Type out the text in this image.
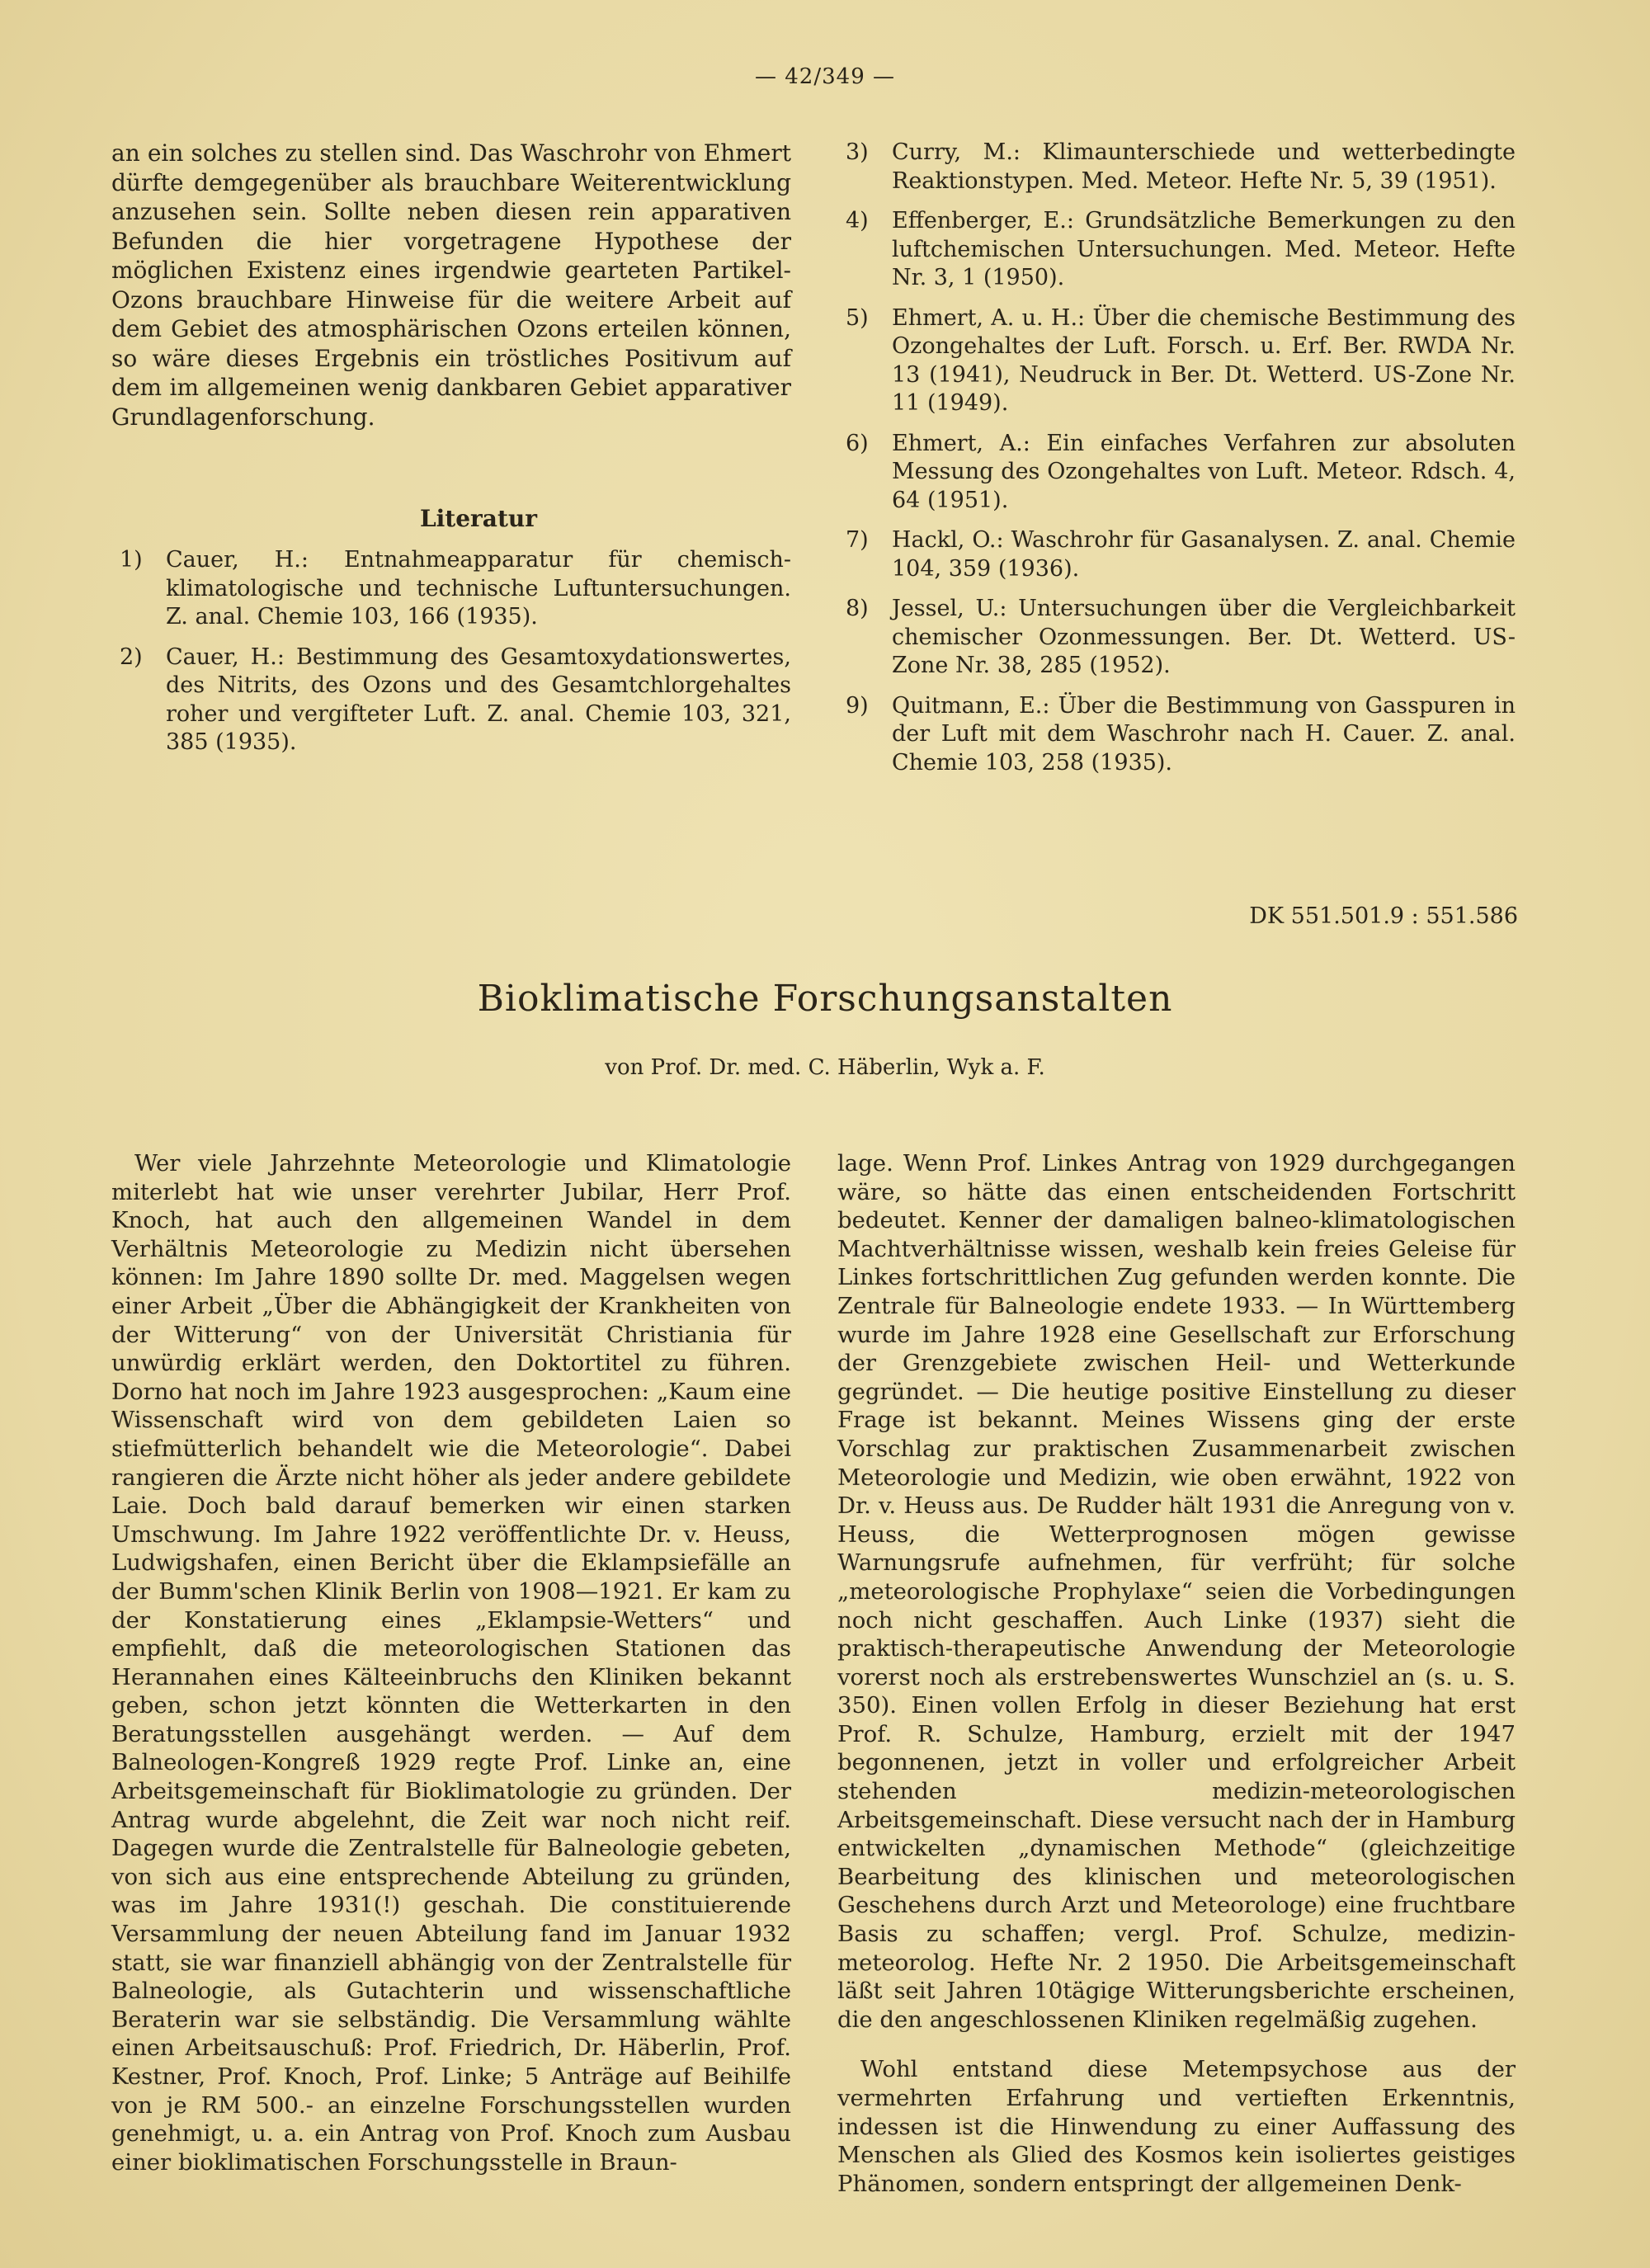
— 42/349 —

an ein solches zu stellen sind. Das Waschrohr von Ehmert dürfte demgegenüber als brauchbare Weiterentwicklung anzusehen sein. Sollte neben diesen rein apparativen Befunden die hier vorgetragene Hypothese der möglichen Existenz eines irgendwie gearteten Partikel-Ozons brauchbare Hinweise für die weitere Arbeit auf dem Gebiet des atmosphärischen Ozons erteilen können, so wäre dieses Ergebnis ein tröstliches Positivum auf dem im allgemeinen wenig dankbaren Gebiet apparativer Grundlagenforschung.

Literatur
1) Cauer, H.: Entnahmeapparatur für chemisch-klimatologische und technische Luftuntersuchungen. Z. anal. Chemie 103, 166 (1935).
2) Cauer, H.: Bestimmung des Gesamtoxydationswertes, des Nitrits, des Ozons und des Gesamtchlorgehaltes roher und vergifteter Luft. Z. anal. Chemie 103, 321, 385 (1935).
3) Curry, M.: Klimaunterschiede und wetterbedingte Reaktionstypen. Med. Meteor. Hefte Nr. 5, 39 (1951).
4) Effenberger, E.: Grundsätzliche Bemerkungen zu den luftchemischen Untersuchungen. Med. Meteor. Hefte Nr. 3, 1 (1950).
5) Ehmert, A. u. H.: Über die chemische Bestimmung des Ozongehaltes der Luft. Forsch. u. Erf. Ber. RWDA Nr. 13 (1941), Neudruck in Ber. Dt. Wetterd. US-Zone Nr. 11 (1949).
6) Ehmert, A.: Ein einfaches Verfahren zur absoluten Messung des Ozongehaltes von Luft. Meteor. Rdsch. 4, 64 (1951).
7) Hackl, O.: Waschrohr für Gasanalysen. Z. anal. Chemie 104, 359 (1936).
8) Jessel, U.: Untersuchungen über die Vergleichbarkeit chemischer Ozonmessungen. Ber. Dt. Wetterd. US-Zone Nr. 38, 285 (1952).
9) Quitmann, E.: Über die Bestimmung von Gasspuren in der Luft mit dem Waschrohr nach H. Cauer. Z. anal. Chemie 103, 258 (1935).
DK 551.501.9 : 551.586
Bioklimatische Forschungsanstalten
von Prof. Dr. med. C. Häberlin, Wyk a. F.

Wer viele Jahrzehnte Meteorologie und Klimatologie miterlebt hat wie unser verehrter Jubilar, Herr Prof. Knoch, hat auch den allgemeinen Wandel in dem Verhältnis Meteorologie zu Medizin nicht übersehen können: Im Jahre 1890 sollte Dr. med. Maggelsen wegen einer Arbeit „Über die Abhängigkeit der Krankheiten von der Witterung“ von der Universität Christiania für unwürdig erklärt werden, den Doktortitel zu führen. Dorno hat noch im Jahre 1923 ausgesprochen: „Kaum eine Wissenschaft wird von dem gebildeten Laien so stiefmütterlich behandelt wie die Meteorologie“. Dabei rangieren die Ärzte nicht höher als jeder andere gebildete Laie. Doch bald darauf bemerken wir einen starken Umschwung. Im Jahre 1922 veröffentlichte Dr. v. Heuss, Ludwigshafen, einen Bericht über die Eklampsiefälle an der Bumm'schen Klinik Berlin von 1908—1921. Er kam zu der Konstatierung eines „Eklampsie-Wetters“ und empfiehlt, daß die meteorologischen Stationen das Herannahen eines Kälteeinbruchs den Kliniken bekannt geben, schon jetzt könnten die Wetterkarten in den Beratungsstellen ausgehängt werden. — Auf dem Balneologen-Kongreß 1929 regte Prof. Linke an, eine Arbeitsgemeinschaft für Bioklimatologie zu gründen. Der Antrag wurde abgelehnt, die Zeit war noch nicht reif. Dagegen wurde die Zentralstelle für Balneologie gebeten, von sich aus eine entsprechende Abteilung zu gründen, was im Jahre 1931(!) geschah. Die constituierende Versammlung der neuen Abteilung fand im Januar 1932 statt, sie war finanziell abhängig von der Zentralstelle für Balneologie, als Gutachterin und wissenschaftliche Beraterin war sie selbständig. Die Versammlung wählte einen Arbeitsauschuß: Prof. Friedrich, Dr. Häberlin, Prof. Kestner, Prof. Knoch, Prof. Linke; 5 Anträge auf Beihilfe von je RM 500.- an einzelne Forschungsstellen wurden genehmigt, u. a. ein Antrag von Prof. Knoch zum Ausbau einer bioklimatischen Forschungsstelle in Braun-

lage. Wenn Prof. Linkes Antrag von 1929 durchgegangen wäre, so hätte das einen entscheidenden Fortschritt bedeutet. Kenner der damaligen balneo-klimatologischen Machtverhältnisse wissen, weshalb kein freies Geleise für Linkes fortschrittlichen Zug gefunden werden konnte. Die Zentrale für Balneologie endete 1933. — In Württemberg wurde im Jahre 1928 eine Gesellschaft zur Erforschung der Grenzgebiete zwischen Heil- und Wetterkunde gegründet. — Die heutige positive Einstellung zu dieser Frage ist bekannt. Meines Wissens ging der erste Vorschlag zur praktischen Zusammenarbeit zwischen Meteorologie und Medizin, wie oben erwähnt, 1922 von Dr. v. Heuss aus. De Rudder hält 1931 die Anregung von v. Heuss, die Wetterprognosen mögen gewisse Warnungsrufe aufnehmen, für verfrüht; für solche „meteorologische Prophylaxe“ seien die Vorbedingungen noch nicht geschaffen. Auch Linke (1937) sieht die praktisch-therapeutische Anwendung der Meteorologie vorerst noch als erstrebenswertes Wunschziel an (s. u. S. 350). Einen vollen Erfolg in dieser Beziehung hat erst Prof. R. Schulze, Hamburg, erzielt mit der 1947 begonnenen, jetzt in voller und erfolgreicher Arbeit stehenden medizin-meteorologischen Arbeitsgemeinschaft. Diese versucht nach der in Hamburg entwickelten „dynamischen Methode“ (gleichzeitige Bearbeitung des klinischen und meteorologischen Geschehens durch Arzt und Meteorologe) eine fruchtbare Basis zu schaffen; vergl. Prof. Schulze, medizin-meteorolog. Hefte Nr. 2 1950. Die Arbeitsgemeinschaft läßt seit Jahren 10tägige Witterungsberichte erscheinen, die den angeschlossenen Kliniken regelmäßig zugehen.

Wohl entstand diese Metempsychose aus der vermehrten Erfahrung und vertieften Erkenntnis, indessen ist die Hinwendung zu einer Auffassung des Menschen als Glied des Kosmos kein isoliertes geistiges Phänomen, sondern entspringt der allgemeinen Denk-
